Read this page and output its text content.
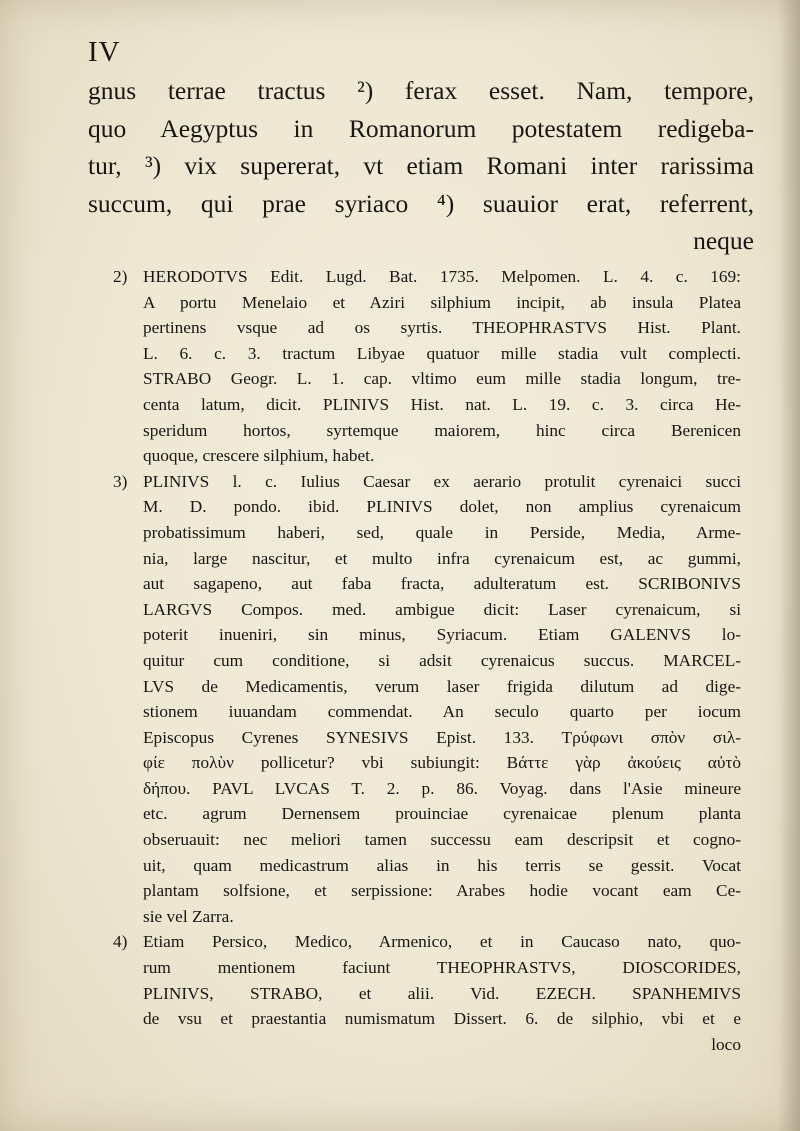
IV
gnus terrae tractus ²) ferax esset. Nam, tempore,
quo Aegyptus in Romanorum potestatem redigeba-
tur, ³) vix supererat, vt etiam Romani inter rarissima
succum, qui prae syriaco ⁴) suauior erat, referrent,
neque
2) HERODOTVS Edit. Lugd. Bat. 1735. Melpomen. L. 4. c. 169:
A portu Menelaio et Aziri silphium incipit, ab insula Platea
pertinens vsque ad os syrtis. THEOPHRASTVS Hist. Plant.
L. 6. c. 3. tractum Libyae quatuor mille stadia vult complecti.
STRABO Geogr. L. 1. cap. vltimo eum mille stadia longum, tre-
centa latum, dicit. PLINIVS Hist. nat. L. 19. c. 3. circa He-
speridum hortos, syrtemque maiorem, hinc circa Berenicen
quoque, crescere silphium, habet.
3) PLINIVS l. c. Iulius Caesar ex aerario protulit cyrenaici succi
M. D. pondo. ibid. PLINIVS dolet, non amplius cyrenaicum
probatissimum haberi, sed, quale in Perside, Media, Arme-
nia, large nascitur, et multo infra cyrenaicum est, ac gummi,
aut sagapeno, aut faba fracta, adulteratum est. SCRIBONIVS
LARGVS Compos. med. ambigue dicit: Laser cyrenaicum, si
poterit inueniri, sin minus, Syriacum. Etiam GALENVS lo-
quitur cum conditione, si adsit cyrenaicus succus. MARCEL-
LVS de Medicamentis, verum laser frigida dilutum ad dige-
stionem iuuandam commendat. An seculo quarto per iocum
Episcopus Cyrenes SYNESIVS Epist. 133. Τρύφωνι σπὸν σιλ-
φίε πολὺν pollicetur? vbi subiungit: Βάττε γὰρ ἀκούεις αὐτὸ
δήπου. PAVL LVCAS T. 2. p. 86. Voyag. dans l'Asie mineure
etc. agrum Dernensem prouinciae cyrenaicae plenum planta
obseruauit: nec meliori tamen successu eam descripsit et cogno-
uit, quam medicastrum alias in his terris se gessit. Vocat
plantam solfsione, et serpissione: Arabes hodie vocant eam Ce-
sie vel Zarra.
4) Etiam Persico, Medico, Armenico, et in Caucaso nato, quo-
rum mentionem faciunt THEOPHRASTVS, DIOSCORIDES,
PLINIVS, STRABO, et alii. Vid. EZECH. SPANHEMIVS
de vsu et praestantia numismatum Dissert. 6. de silphio, vbi et e
loco
